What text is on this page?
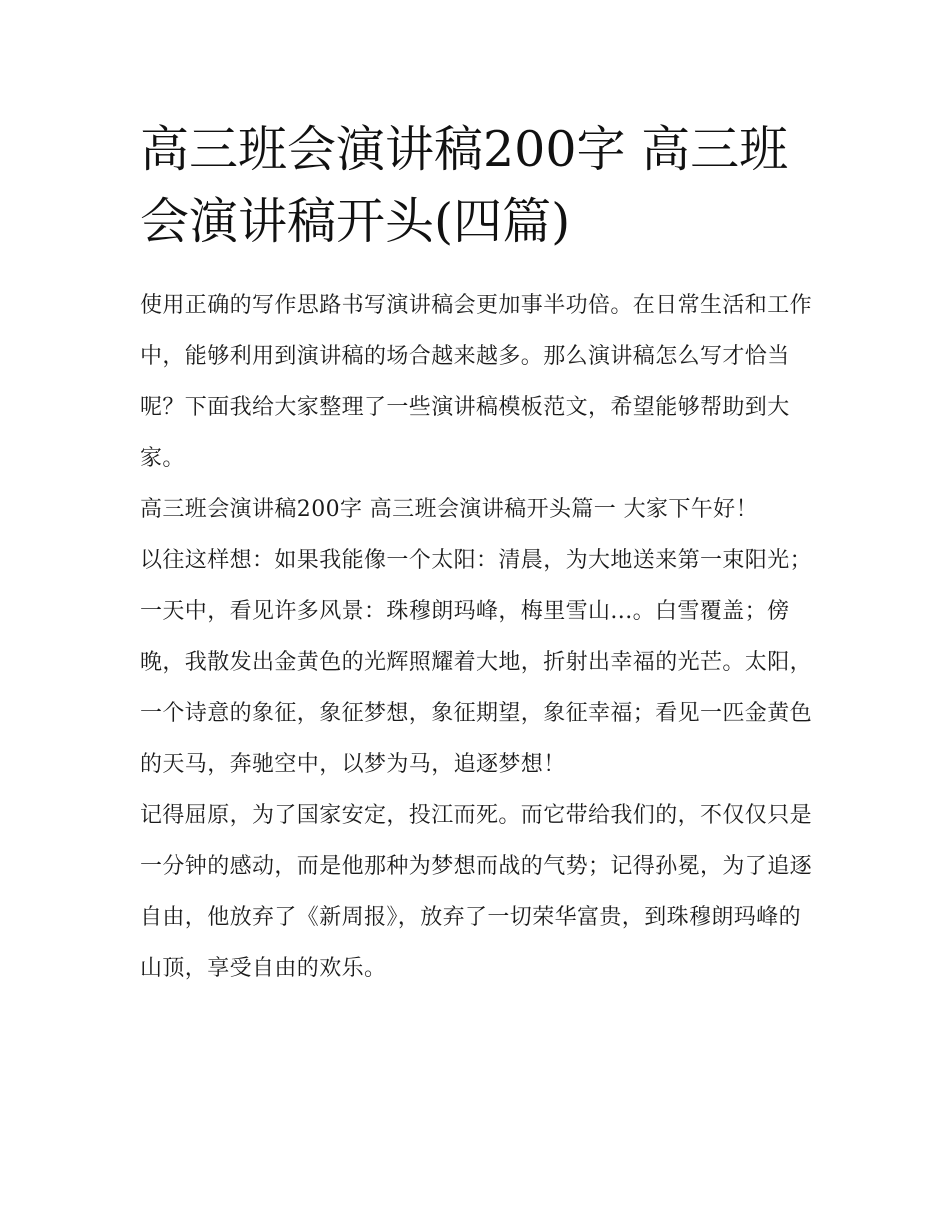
高三班会演讲稿200字 高三班会演讲稿开头(四篇)

使用正确的写作思路书写演讲稿会更加事半功倍。在日常生活和工作中，能够利用到演讲稿的场合越来越多。那么演讲稿怎么写才恰当呢？下面我给大家整理了一些演讲稿模板范文，希望能够帮助到大家。

高三班会演讲稿200字 高三班会演讲稿开头篇一 大家下午好！

以往这样想：如果我能像一个太阳：清晨，为大地送来第一束阳光；一天中，看见许多风景：珠穆朗玛峰，梅里雪山...。白雪覆盖；傍晚，我散发出金黄色的光辉照耀着大地，折射出幸福的光芒。太阳，一个诗意的象征，象征梦想，象征期望，象征幸福；看见一匹金黄色的天马，奔驰空中，以梦为马，追逐梦想！

记得屈原，为了国家安定，投江而死。而它带给我们的，不仅仅只是一分钟的感动，而是他那种为梦想而战的气势；记得孙冕，为了追逐自由，他放弃了《新周报》，放弃了一切荣华富贵，到珠穆朗玛峰的山顶，享受自由的欢乐。
